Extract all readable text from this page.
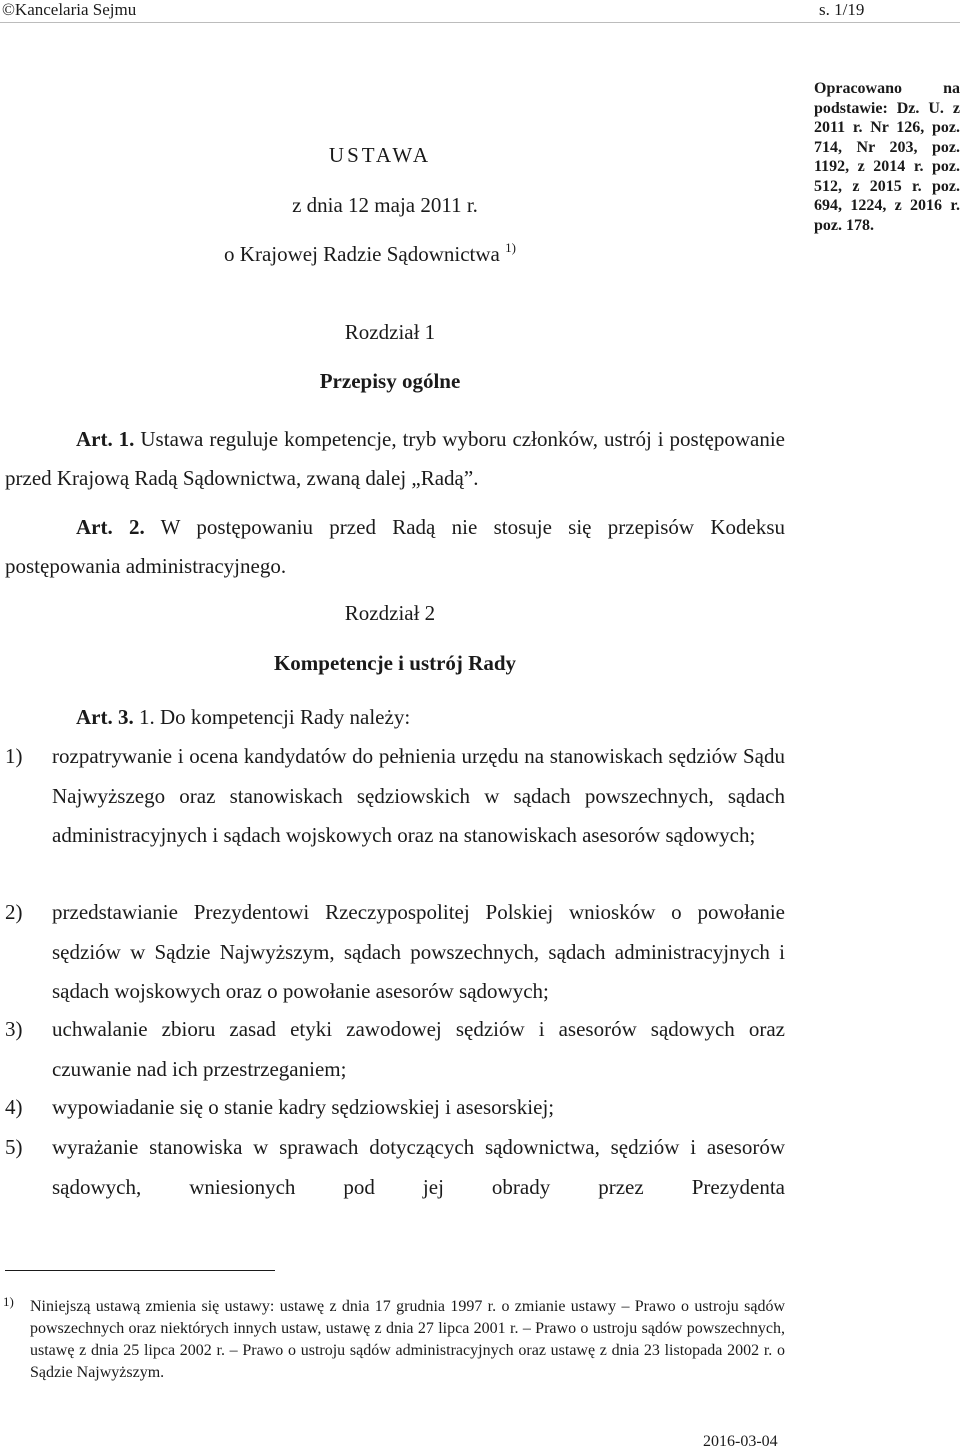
©Kancelaria Sejmu	s. 1/19
Opracowano na podstawie: Dz. U. z 2011 r. Nr 126, poz. 714, Nr 203, poz. 1192, z 2014 r. poz. 512, z 2015 r. poz. 694, 1224, z 2016 r. poz. 178.
USTAWA
z dnia 12 maja 2011 r.
o Krajowej Radzie Sądownictwa $^{1)}$
Rozdział 1
Przepisy ogólne
Art. 1. Ustawa reguluje kompetencje, tryb wyboru członków, ustrój i postępowanie przed Krajową Radą Sądownictwa, zwaną dalej „Radą”.
Art. 2. W postępowaniu przed Radą nie stosuje się przepisów Kodeksu postępowania administracyjnego.
Rozdział 2
Kompetencje i ustrój Rady
Art. 3. 1. Do kompetencji Rady należy:
1) rozpatrywanie i ocena kandydatów do pełnienia urzędu na stanowiskach sędziów Sądu Najwyższego oraz stanowiskach sędziowskich w sądach powszechnych, sądach administracyjnych i sądach wojskowych oraz na stanowiskach asesorów sądowych;
2) przedstawianie Prezydentowi Rzeczypospolitej Polskiej wniosków o powołanie sędziów w Sądzie Najwyższym, sądach powszechnych, sądach administracyjnych i sądach wojskowych oraz o powołanie asesorów sądowych;
3) uchwalanie zbioru zasad etyki zawodowej sędziów i asesorów sądowych oraz czuwanie nad ich przestrzeganiem;
4) wypowiadanie się o stanie kadry sędziowskiej i asesorskiej;
5) wyrażanie stanowiska w sprawach dotyczących sądownictwa, sędziów i asesorów sądowych, wniesionych pod jej obrady przez Prezydenta
1) Niniejszą ustawą zmienia się ustawy: ustawę z dnia 17 grudnia 1997 r. o zmianie ustawy – Prawo o ustroju sądów powszechnych oraz niektórych innych ustaw, ustawę z dnia 27 lipca 2001 r. – Prawo o ustroju sądów powszechnych, ustawę z dnia 25 lipca 2002 r. – Prawo o ustroju sądów administracyjnych oraz ustawę z dnia 23 listopada 2002 r. o Sądzie Najwyższym.
2016-03-04
